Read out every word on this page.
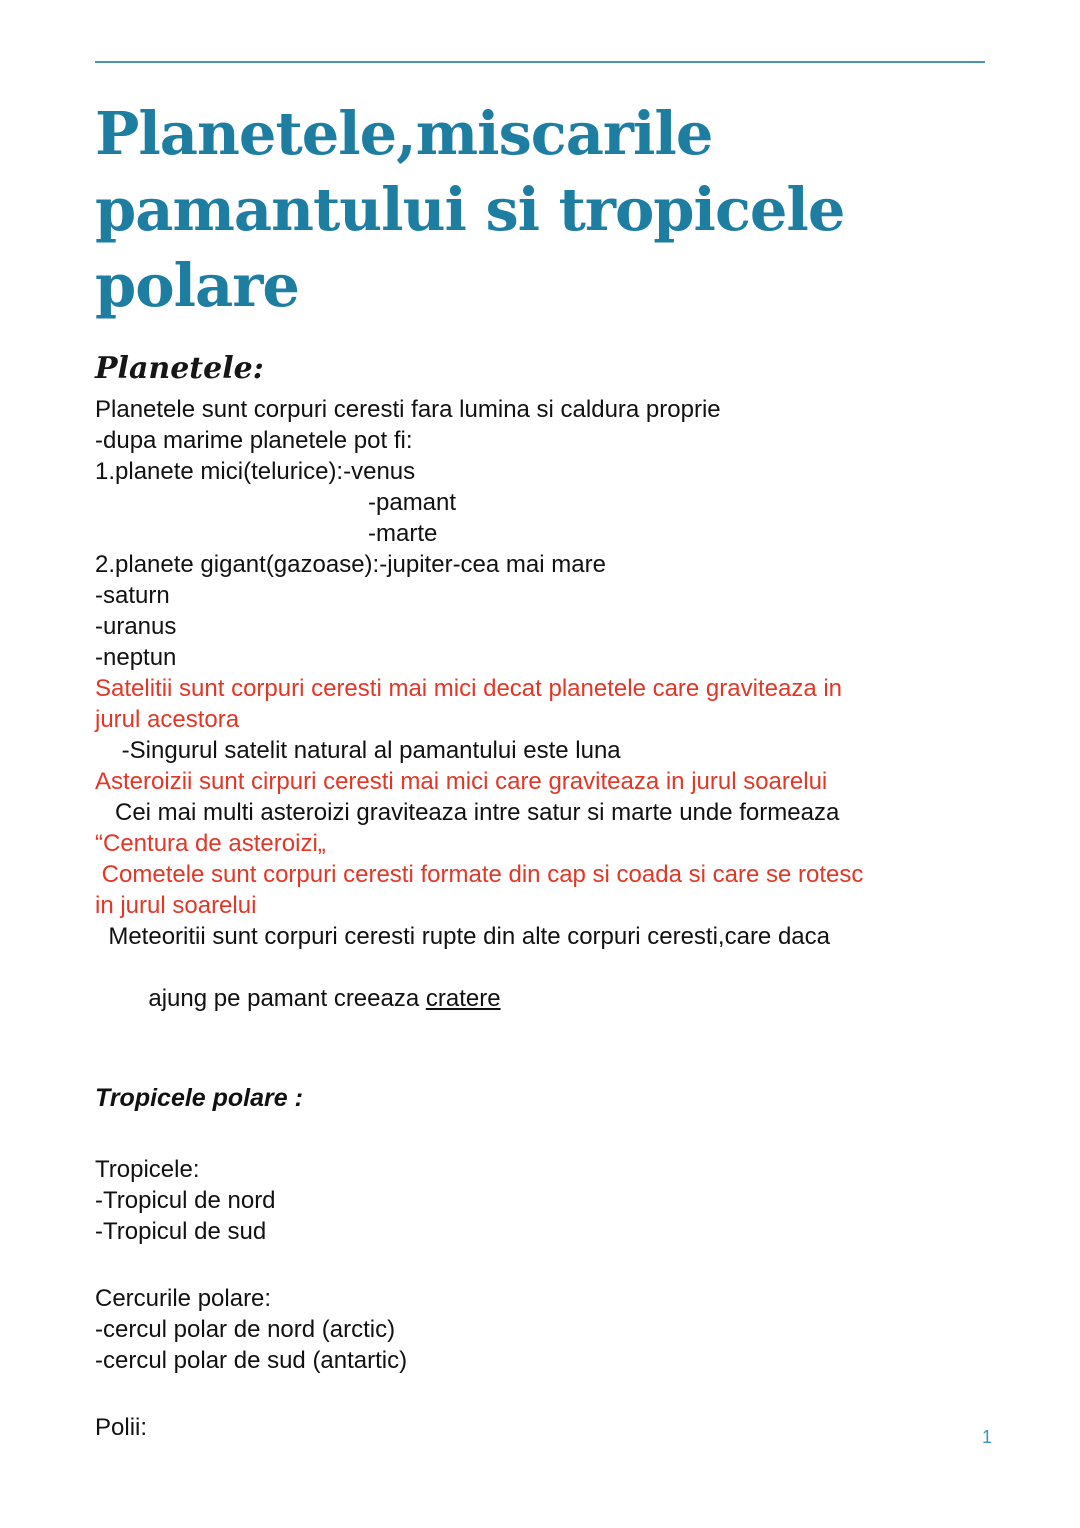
Planetele,miscarile pamantului si tropicele polare
Planetele:
Planetele sunt corpuri ceresti fara lumina si caldura proprie
-dupa marime planetele pot fi:
1.planete mici(telurice):-venus
-pamant
-marte
2.planete gigant(gazoase):-jupiter-cea mai mare
-saturn
-uranus
-neptun
Satelitii sunt corpuri ceresti mai mici decat planetele care graviteaza in
jurul acestora
-Singurul satelit natural al pamantului este luna
Asteroizii sunt cirpuri ceresti mai mici care graviteaza in jurul soarelui
Cei mai multi asteroizi graviteaza intre satur si marte unde formeaza
“Centura de asteroizi„
Cometele sunt corpuri ceresti formate din cap si coada si care se rotesc
in jurul soarelui
Meteoritii sunt corpuri ceresti rupte din alte corpuri ceresti,care daca

ajung pe pamant creeaza cratere

Tropicele polare :
Tropicele:
-Tropicul de nord
-Tropicul de sud
Cercurile polare:
-cercul polar de nord (arctic)
-cercul polar de sud (antartic)
Polii:	1
